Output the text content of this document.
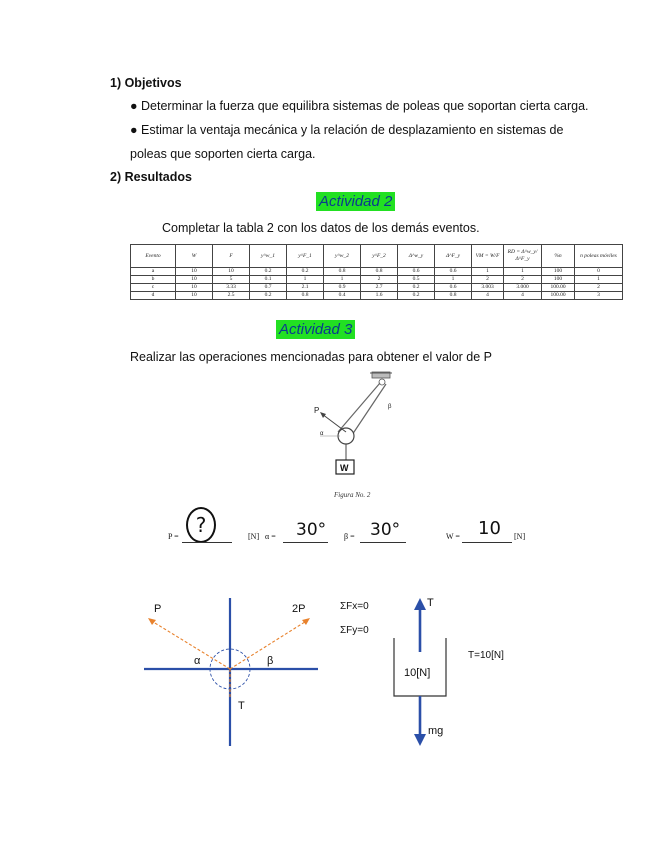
1) Objetivos
● Determinar la fuerza que equilibra sistemas de poleas que soportan cierta carga.
● Estimar la ventaja mecánica y la relación de desplazamiento en sistemas de
poleas que soporten cierta carga.
2) Resultados
Actividad 2
Completar la tabla 2 con los datos de los demás eventos.
Evento	W	F	y^w_1	y^F_1	y^w_2	y^F_2	Δ^w_y	Δ^F_y	VM = W/F	RD = Δ^w_y/Δ^F_y	%n	n poleas móviles
a	10	10	0.2	0.2	0.8	0.8	0.6	0.6	1	1	100	0
b	10	5	0.1	1	1	2	0.5	1	2	2	100	1
c	10	3.33	0.7	2.1	0.9	2.7	0.2	0.6	3.003	3.000	100.00	2
d	10	2.5	0.2	0.8	0.4	1.6	0.2	0.8	4	4	100.00	3
Actividad 3
Realizar las operaciones mencionadas para obtener el valor de P
P
α
β
W
Figura No. 2
P = ?	[N] α = 30° β = 30°	W = 10 [N]
P	2P
α	β
T
ΣFx=0
ΣFy=0
T
10[N]
mg
T=10[N]
